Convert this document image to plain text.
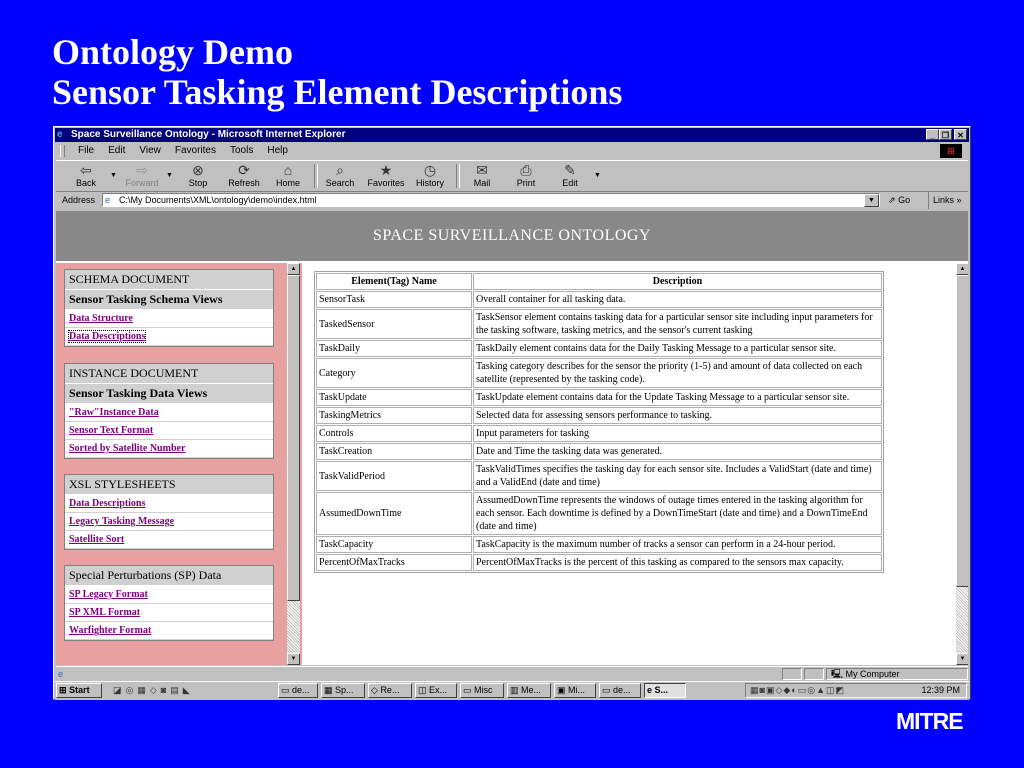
Ontology Demo
Sensor Tasking Element Descriptions
e Space Surveillance Ontology - Microsoft Internet Explorer	_ ❐	✕
File	Edit	View	Favorites	Tools	Help	⊞
⇦
Back
▼	⇨
Forward
▼	⊗
Stop
⟳
Refresh
⌂
Home
⌕
Search
★
Favorites
◷
History
✉
Mail
⎙
Print
✎
Edit
▼
Address e C:\My Documents\XML\ontology\demo\index.html	▼	⇗ Go	Links »
SPACE SURVEILLANCE ONTOLOGY
SCHEMA DOCUMENT
Sensor Tasking Schema Views
Data Structure
Data Descriptions
INSTANCE DOCUMENT
Sensor Tasking Data Views
"Raw"Instance Data
Sensor Text Format
Sorted by Satellite Number
XSL STYLESHEETS
Data Descriptions
Legacy Tasking Message
Satellite Sort
Special Perturbations (SP) Data
SP Legacy Format
SP XML Format
Warfighter Format
▲
▼
Element(Tag) Name	Description
SensorTask	Overall container for all tasking data.
TaskedSensor	TaskSensor element contains tasking data for a particular sensor site including input parameters for the tasking software, tasking metrics, and the sensor's current tasking
TaskDaily	TaskDaily element contains data for the Daily Tasking Message to a particular sensor site.
Category	Tasking category describes for the sensor the priority (1-5) and amount of data collected on each satellite (represented by the tasking code).
TaskUpdate	TaskUpdate element contains data for the Update Tasking Message to a particular sensor site.
TaskingMetrics	Selected data for assessing sensors performance to tasking.
Controls	Input parameters for tasking
TaskCreation	Date and Time the tasking data was generated.
TaskValidPeriod	TaskValidTimes specifies the tasking day for each sensor site. Includes a ValidStart (date and time) and a ValidEnd (date and time)
AssumedDownTime	AssumedDownTime represents the windows of outage times entered in the tasking algorithm for each sensor. Each downtime is defined by a DownTimeStart (date and time) and a DownTimeEnd (date and time)
TaskCapacity	TaskCapacity is the maximum number of tracks a sensor can perform in a 24-hour period.
PercentOfMaxTracks	PercentOfMaxTracks is the percent of this tasking as compared to the sensors max capacity.
▲
▼
e	🖳 My Computer
⊞ Start	◪◎▦◇◙▤◣	▭ de...	▦ Sp...	◇ Re...	◫ Ex...	▭ Misc	▥ Me...	▣ Mi...	▭ de...	e S...	▦◙▣◇◆◐▭◎▲◫◩	12:39 PM
MITRE
